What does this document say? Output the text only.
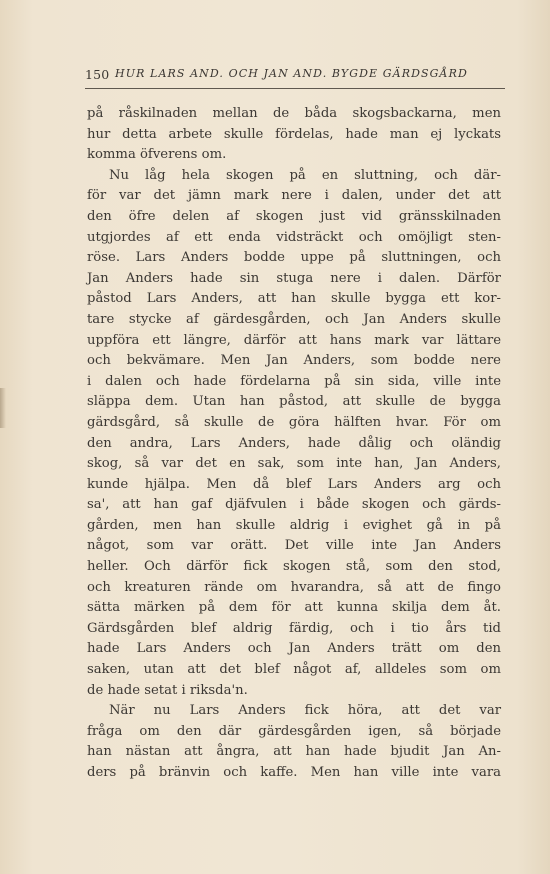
150 HUR LARS AND. OCH JAN AND. BYGDE GÄRDSGÅRD
på råskilnaden mellan de båda skogsbackarna, men
hur detta arbete skulle fördelas, hade man ej lyckats
komma öfverens om.
Nu låg hela skogen på en sluttning, och där-
för var det jämn mark nere i dalen, under det att
den öfre delen af skogen just vid gränsskilnaden
utgjordes af ett enda vidsträckt och omöjligt sten-
röse. Lars Anders bodde uppe på sluttningen, och
Jan Anders hade sin stuga nere i dalen. Därför
påstod Lars Anders, att han skulle bygga ett kor-
tare stycke af gärdesgården, och Jan Anders skulle
uppföra ett längre, därför att hans mark var lättare
och bekvämare. Men Jan Anders, som bodde nere
i dalen och hade fördelarna på sin sida, ville inte
släppa dem. Utan han påstod, att skulle de bygga
gärdsgård, så skulle de göra hälften hvar. För om
den andra, Lars Anders, hade dålig och oländig
skog, så var det en sak, som inte han, Jan Anders,
kunde hjälpa. Men då blef Lars Anders arg och
sa', att han gaf djäfvulen i både skogen och gärds-
gården, men han skulle aldrig i evighet gå in på
något, som var orätt. Det ville inte Jan Anders
heller. Och därför fick skogen stå, som den stod,
och kreaturen rände om hvarandra, så att de fingo
sätta märken på dem för att kunna skilja dem åt.
Gärdsgården blef aldrig färdig, och i tio års tid
hade Lars Anders och Jan Anders trätt om den
saken, utan att det blef något af, alldeles som om
de hade setat i riksda'n.
När nu Lars Anders fick höra, att det var
fråga om den där gärdesgården igen, så började
han nästan att ångra, att han hade bjudit Jan An-
ders på bränvin och kaffe. Men han ville inte vara
